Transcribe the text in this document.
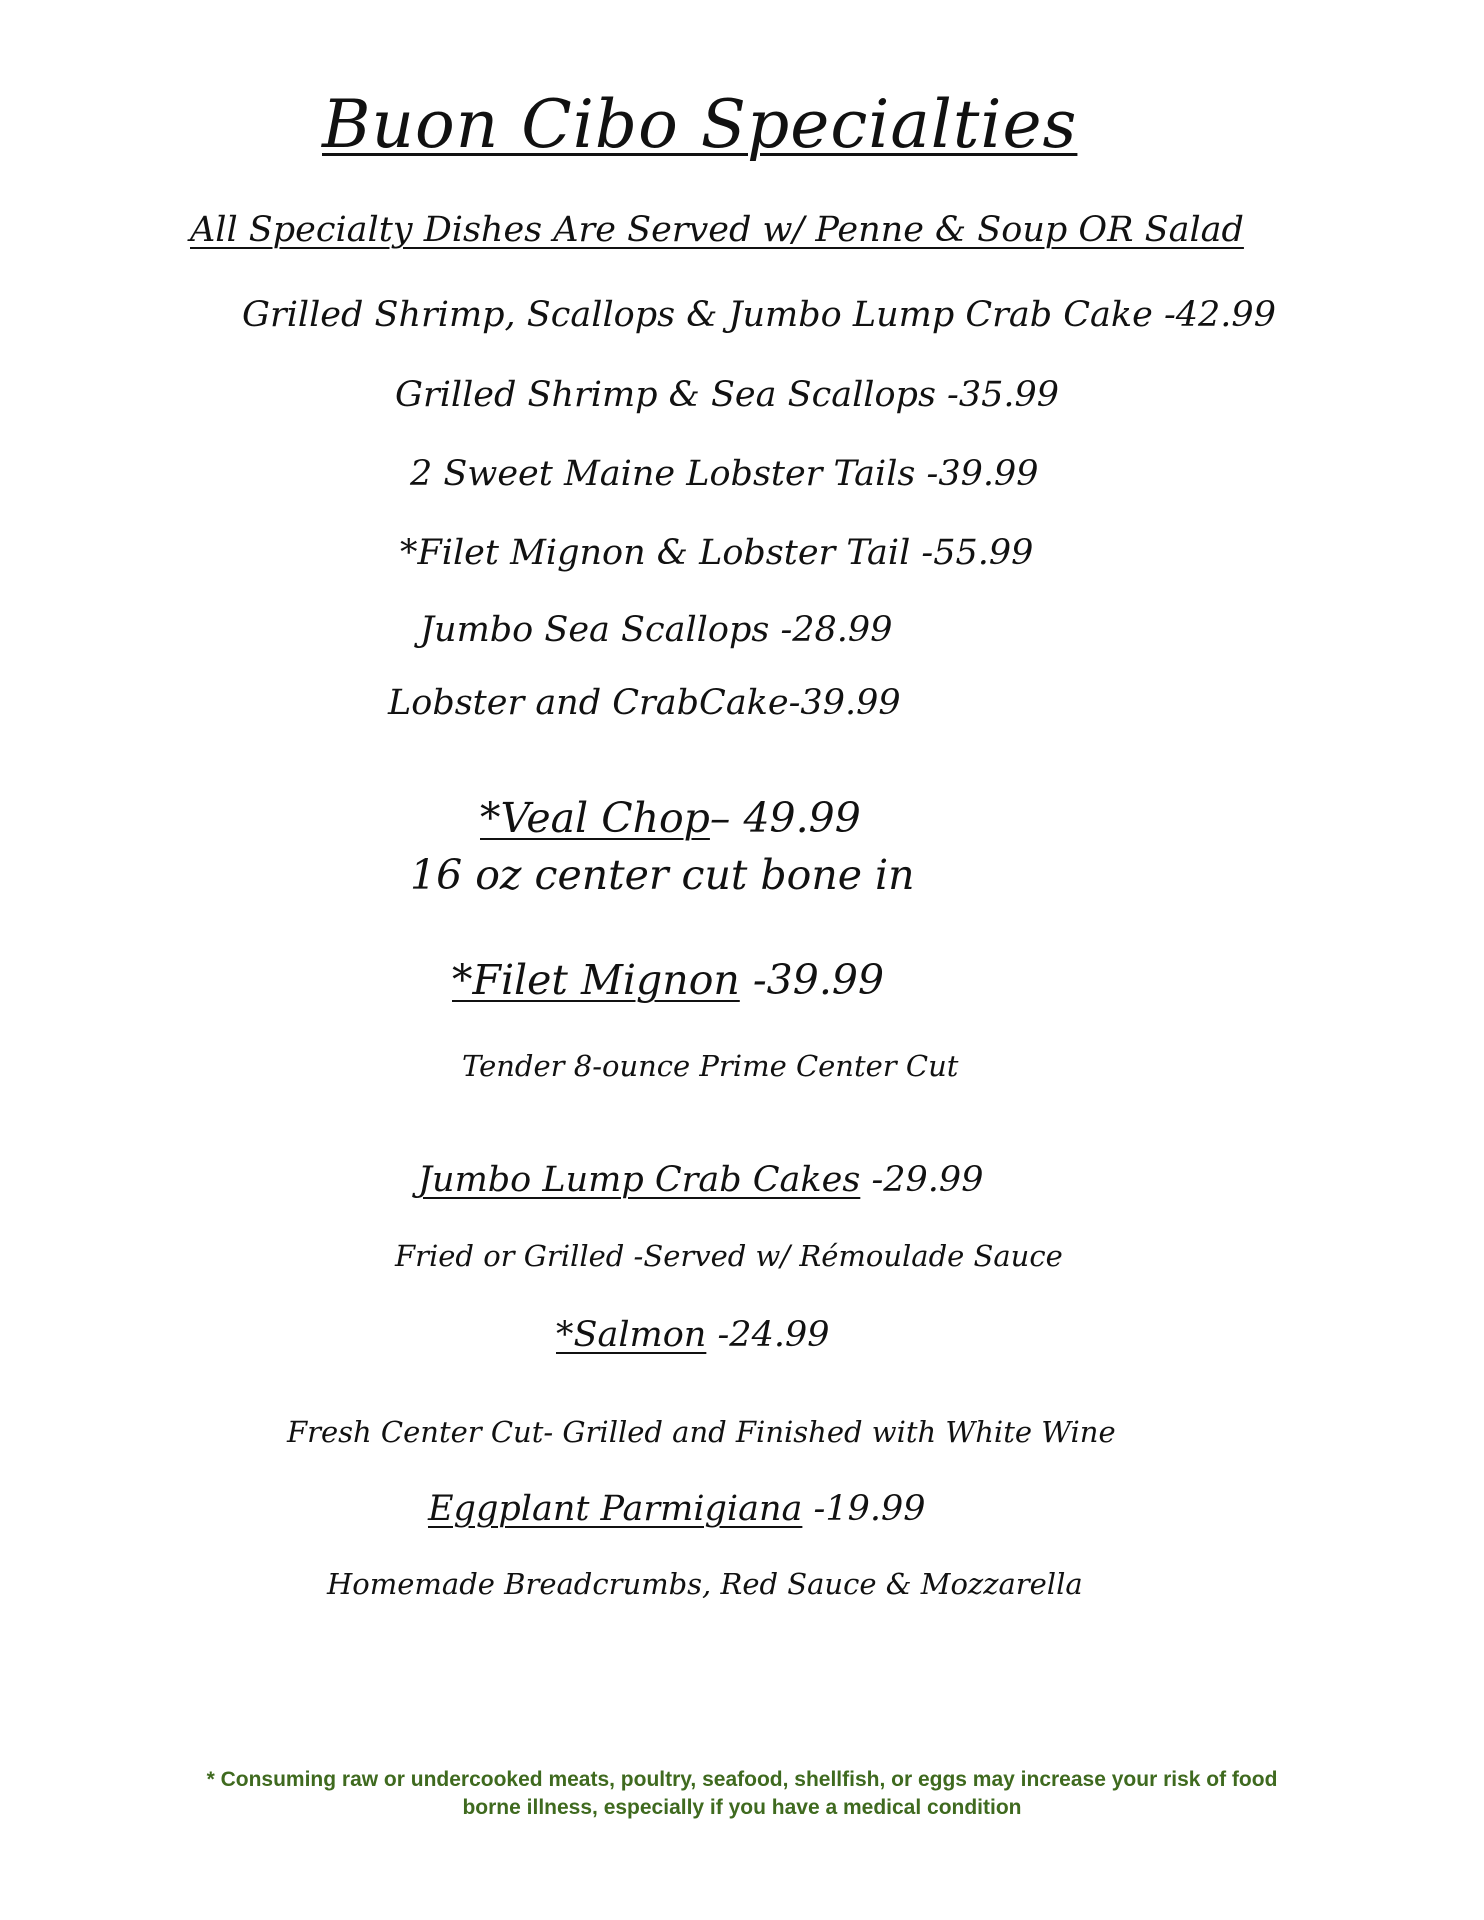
Buon Cibo Specialties
All Specialty Dishes Are Served w/ Penne & Soup OR Salad
Grilled Shrimp, Scallops & Jumbo Lump Crab Cake -42.99
Grilled Shrimp & Sea Scallops -35.99
2 Sweet Maine Lobster Tails -39.99
*Filet Mignon & Lobster Tail -55.99
Jumbo Sea Scallops -28.99
Lobster and CrabCake-39.99
*Veal Chop– 49.99
16 oz center cut bone in
*Filet Mignon -39.99
Tender 8-ounce Prime Center Cut
Jumbo Lump Crab Cakes -29.99
Fried or Grilled -Served w/ Rémoulade Sauce
*Salmon -24.99
Fresh Center Cut- Grilled and Finished with White Wine
Eggplant Parmigiana -19.99
Homemade Breadcrumbs, Red Sauce & Mozzarella
* Consuming raw or undercooked meats, poultry, seafood, shellfish, or eggs may increase your risk of food
borne illness, especially if you have a medical condition
